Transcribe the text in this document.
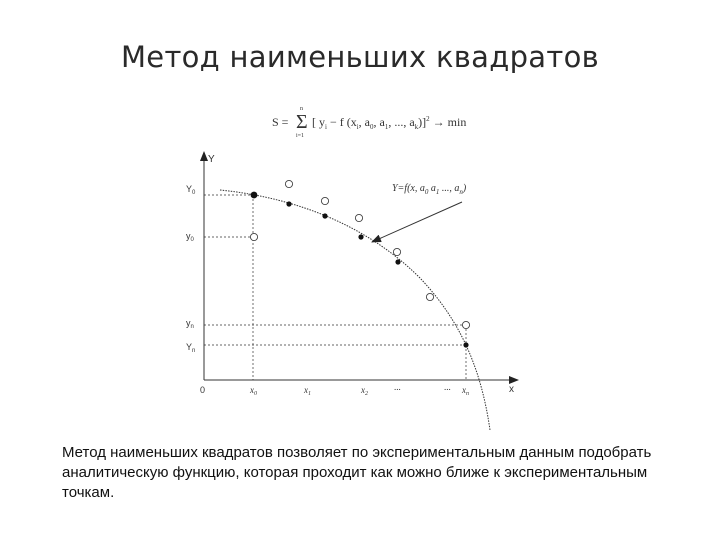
Метод наименьших квадратов
S = Σ
n
i=1
[ $y_i - f$ ($x_i$, $a_0$, $a_1$, ..., $a_k)]^2 \to \min$
Y
x
0
$Y_0$
$y_0$
$y_n$
$Y_n$
$x_0$	$x_1$	$x_2$
...	... $x_n$
Y=f(x, $a_0$ $a_1$ ..., $a_n$)
Метод наименьших квадратов позволяет по экспериментальным данным подобрать аналитическую функцию, которая проходит как можно ближе к экспериментальным точкам.
